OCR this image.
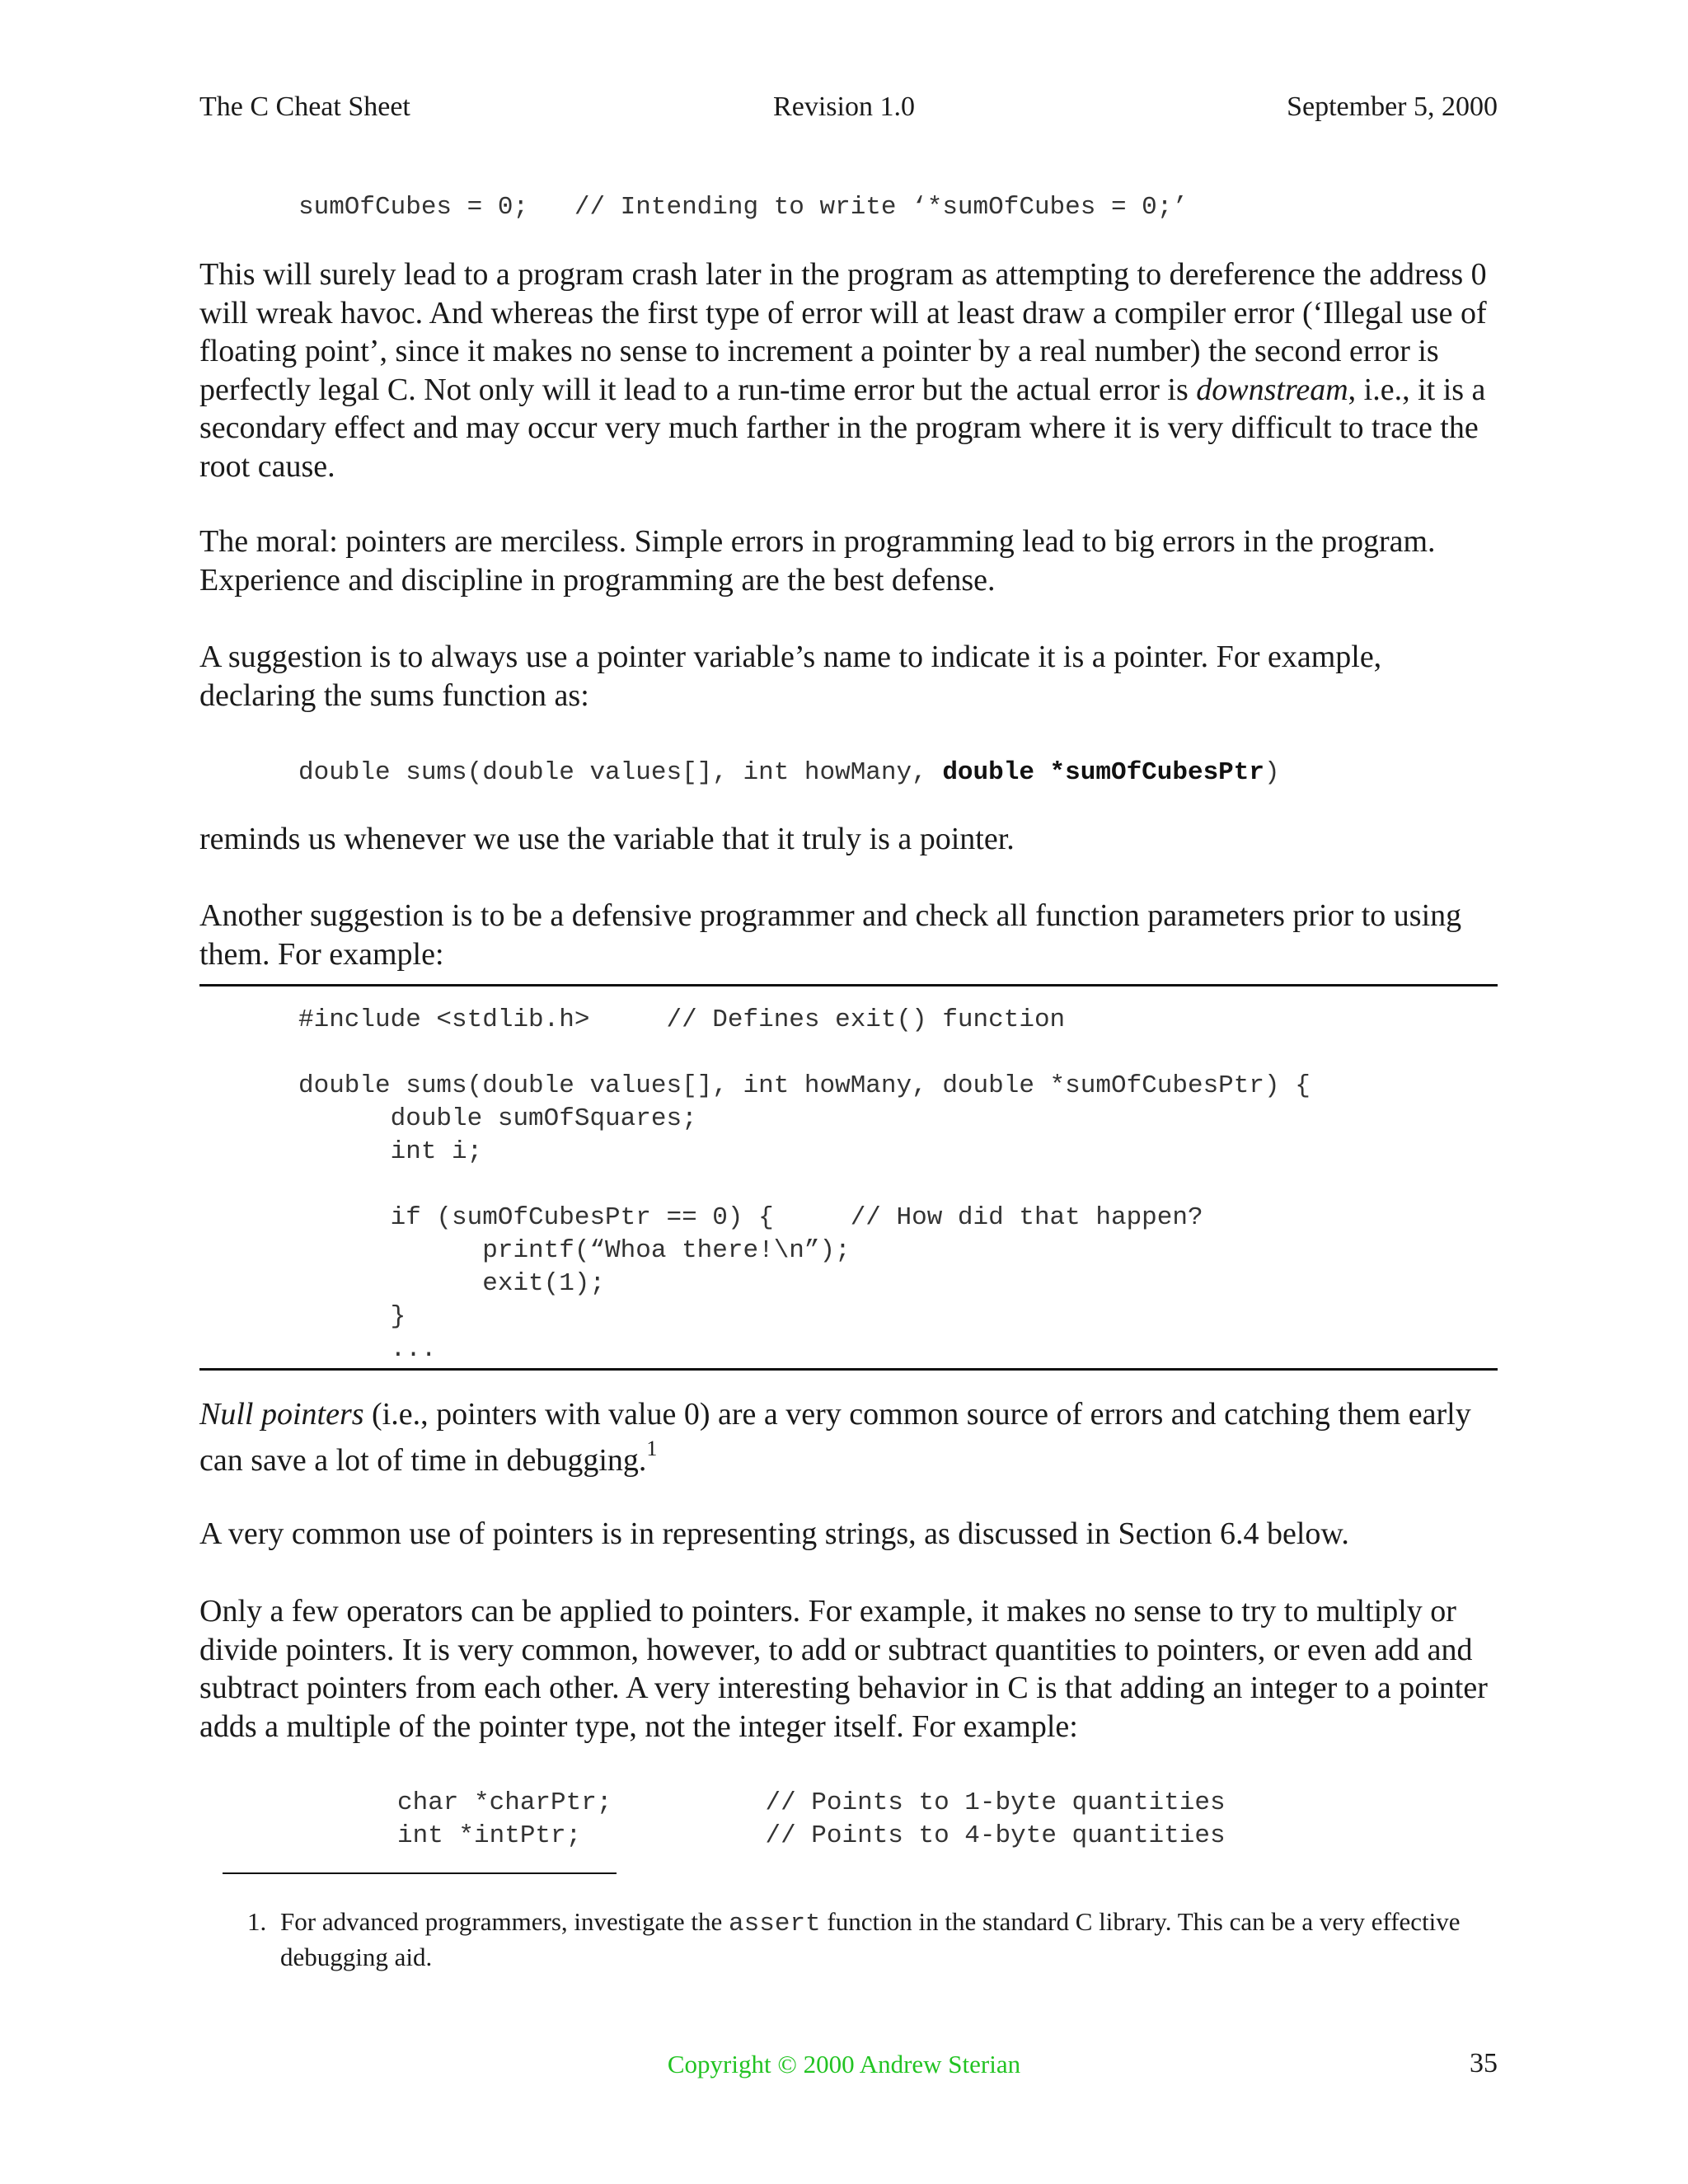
The C Cheat Sheet	Revision 1.0	September 5, 2000
sumOfCubes = 0;   // Intending to write ‘*sumOfCubes = 0;’

This will surely lead to a program crash later in the program as attempting to dereference the address 0 will wreak havoc. And whereas the first type of error will at least draw a compiler error (‘Illegal use of floating point’, since it makes no sense to increment a pointer by a real number) the second error is perfectly legal C. Not only will it lead to a run-time error but the actual error is downstream, i.e., it is a secondary effect and may occur very much farther in the program where it is very difficult to trace the root cause.

The moral: pointers are merciless. Simple errors in programming lead to big errors in the program. Experience and discipline in programming are the best defense.

A suggestion is to always use a pointer variable’s name to indicate it is a pointer. For example, declaring the sums function as:

double sums(double values[], int howMany, double *sumOfCubesPtr)

reminds us whenever we use the variable that it truly is a pointer.

Another suggestion is to be a defensive programmer and check all function parameters prior to using them. For example:

#include <stdlib.h>     // Defines exit() function

double sums(double values[], int howMany, double *sumOfCubesPtr) {
double sumOfSquares;
int i;

if (sumOfCubesPtr == 0) {     // How did that happen?
printf(“Whoa there!\n”);
exit(1);
}
...

Null pointers (i.e., pointers with value 0) are a very common source of errors and catching them early can save a lot of time in debugging.$^1$

A very common use of pointers is in representing strings, as discussed in Section 6.4 below.

Only a few operators can be applied to pointers. For example, it makes no sense to try to multiply or divide pointers. It is very common, however, to add or subtract quantities to pointers, or even add and subtract pointers from each other. A very interesting behavior in C is that adding an integer to a pointer adds a multiple of the pointer type, not the integer itself. For example:

char *charPtr;          // Points to 1-byte quantities
int *intPtr;            // Points to 4-byte quantities
1. For advanced programmers, investigate the assert function in the standard C library. This can be a very effective debugging aid.
Copyright © 2000 Andrew Sterian	35
